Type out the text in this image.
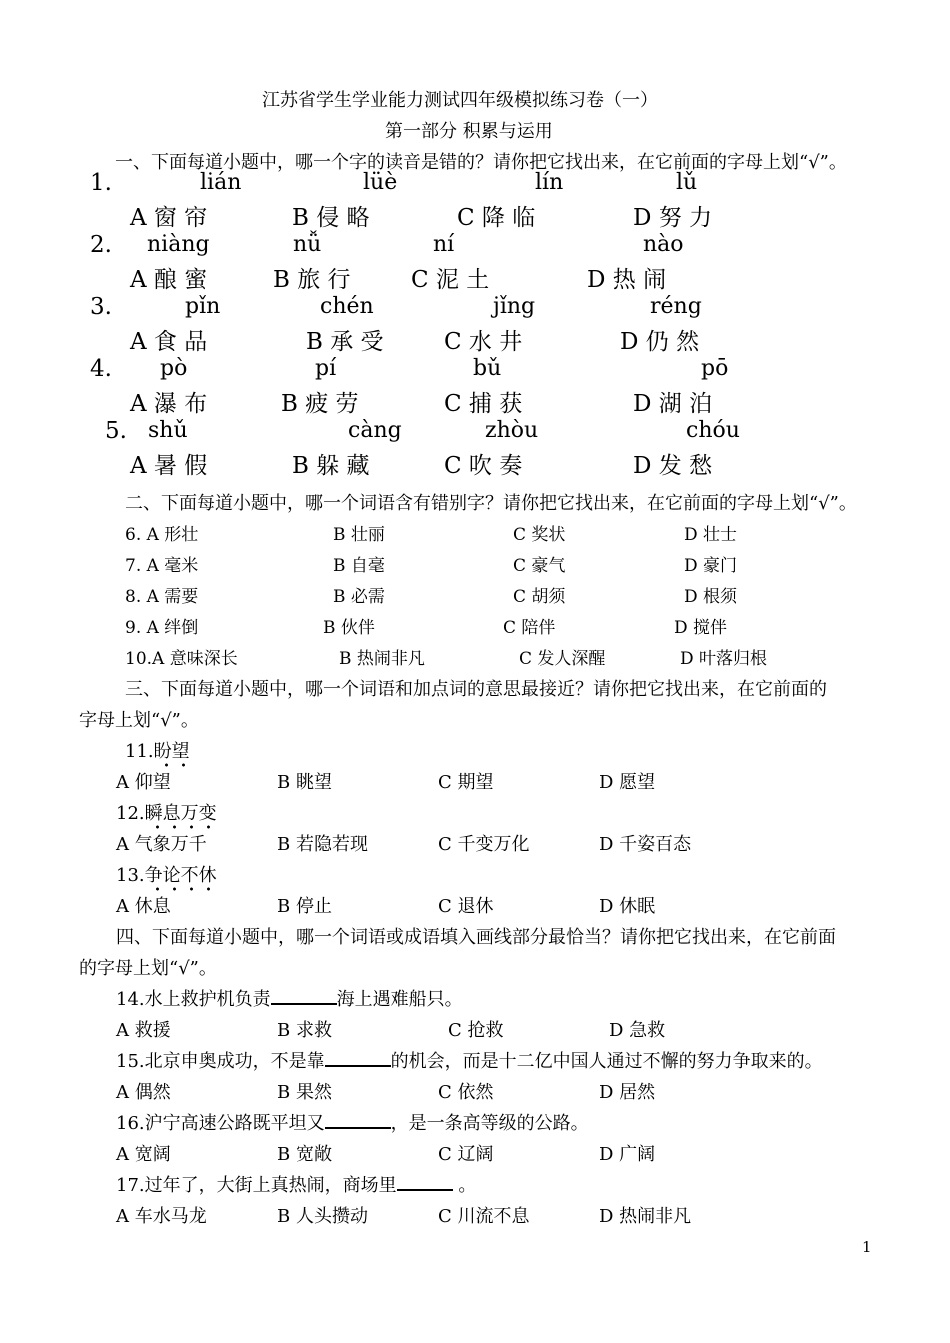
江苏省学生学业能力测试四年级模拟练习卷（一）
第一部分 积累与运用
一、下面每道小题中，哪一个字的读音是错的？请你把它找出来，在它前面的字母上划“√”。
1.	lián	lüè	lín	lǔ
A 窗 帘	B 侵 略	C 降 临	D 努 力
2. niàng	nǚ	ní	nào
A 酿 蜜	B 旅 行	C 泥 土	D 热 闹
3.	pǐn	chén	jǐng	réng
A 食 品	B 承 受	C 水 井	D 仍 然
4. pò	pí	bǔ	pō
A 瀑 布	B 疲 劳	C 捕 获	D 湖 泊
5. shǔ	càng	zhòu	chóu
A 暑 假	B 躲 藏	C 吹 奏	D 发 愁
二、下面每道小题中，哪一个词语含有错别字？请你把它找出来，在它前面的字母上划“√”。
6. A 形壮	B 壮丽	C 奖状	D 壮士
7. A 毫米	B 自毫	C 豪气	D 豪门
8. A 需要	B 必需	C 胡须	D 根须
9. A 绊倒	B 伙伴	C 陪伴	D 搅伴
10.A 意味深长	B 热闹非凡	C 发人深醒	D 叶落归根
三、下面每道小题中，哪一个词语和加点词的意思最接近？请你把它找出来，在它前面的
字母上划“√”。
11.盼望
A 仰望	B 眺望	C 期望	D 愿望
12.瞬息万变
A 气象万千	B 若隐若现	C 千变万化	D 千姿百态
13.争论不休
A 休息	B 停止	C 退休	D 休眠
四、下面每道小题中，哪一个词语或成语填入画线部分最恰当？请你把它找出来，在它前面
的字母上划“√”。
14.水上救护机负责	海上遇难船只。
A 救援	B 求救	C 抢救	D 急救
15.北京申奥成功，不是靠	的机会，而是十二亿中国人通过不懈的努力争取来的。
A 偶然	B 果然	C 依然	D 居然
16.沪宁高速公路既平坦又	，是一条高等级的公路。
A 宽阔	B 宽敞	C 辽阔	D 广阔
17.过年了，大街上真热闹，商场里	。
A 车水马龙	B 人头攒动	C 川流不息	D 热闹非凡
1
